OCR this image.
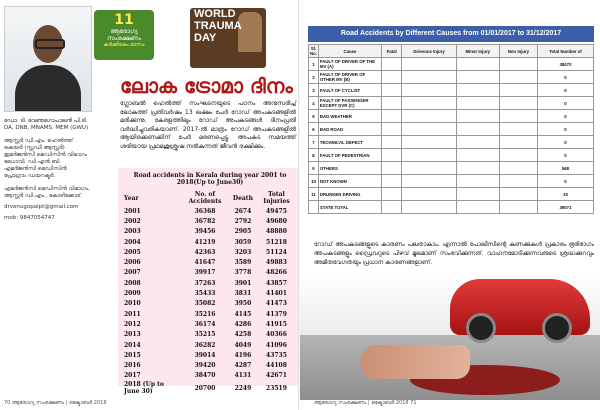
11
ആരോഗ്യ സംരക്ഷണം
കർക്കിടകം മാസം
WORLD
TRAUMA
DAY
ലോക ട്രോമാ ദിനം
ഡോ. ടി. വേണുഗോപാലൻ പി.ടി.
DA, DNB, MNAMS, MEM (GWU)
ആസ്റ്റർ ഡി.എം. ഹെൽത്ത് കെയർ (സ്റ്റഡി ആസ്റ്റർ) ഇമർജൻസി മെഡിസിൻ വിഭാഗം മേധാവി. ഡി.എൻ.ബി. എമർജൻസി മെഡിസിൻ പ്രോഗ്രാം ഡയറക്ടർ.
എമർജൻസി മെഡിസിൻ വിഭാഗം, ആസ്റ്റർ ഡി.എം., കോഴിക്കോട്
drvenugopalpt@gmail.com
mob: 9847054747
ഗ്ലോബൽ ഹെൽത്ത് സംഘടനയുടെ പഠനം അനുസരിച്ച് ലോകത്ത് പ്രതിവർഷം 13 ലക്ഷം പേർ റോഡ് അപകടങ്ങളിൽ മരിക്കുന്നു. കേരളത്തിലും റോഡ് അപകടങ്ങൾ ദിനംപ്രതി വർദ്ധിച്ചുവരികയാണ്. 2017-ൽ മാത്രം റോഡ് അപകടങ്ങളിൽ ആയിരക്കണക്കിന് പേർ മരണപ്പെട്ടു. അപകട സമയത്ത് ശരിയായ പ്രഥമശുശ്രൂഷ നൽകുന്നത് ജീവൻ രക്ഷിക്കും.
Road accidents in Kerala during year 2001 to 2018(Up to June30)
Year	No. of Accidents	Death	Total Injuries
2001	36368	2674	49475
2002	36782	2792	49680
2003	39456	2905	48880
2004	41219	3059	51218
2005	42363	3203	51124
2006	41647	3589	49883
2007	39917	3778	48266
2008	37263	3901	43857
2009	35433	3831	41401
2010	35082	3950	41473
2011	35216	4145	41379
2012	36174	4286	41915
2013	35215	4258	40366
2014	36282	4049	41096
2015	39014	4196	43735
2016	39420	4287	44108
2017	38470	4131	42671
2018 (Up to June 30)	20700	2249	23519
70 ആരോഗ്യ സംരക്ഷണം | ഒക്ടോബർ 2018
Road Accidents by Different Causes from 01/01/2017 to 31/12/2017
Sl. No.	Cause	Fatal	Grievous Injury	Minor Injury	Non Injury	Total Number of
1	FAULT OF DRIVER OF THE MV (A)					38470
2	FAULT OF DRIVER OF OTHER MV (B)					0
3	FAULT OF CYCLIST					0
4	FAULT OF PASSENGER EXCEPT DVR (C)					0
5	BAD WEATHER					0
6	BAD ROAD					0
7	TECHNICAL DEFECT					0
8	FAULT OF PEDESTRIAN					0
9	OTHERS					568
10	NOT KNOWN					0
11	DRUNKEN DRIVING					33
	STATE TOTAL					39071
റോഡ് അപകടങ്ങളുടെ കാരണം പലതാകാം. എന്നാൽ പോലീസിന്റെ കണക്കുകൾ പ്രകാരം ഭൂരിഭാഗം അപകടങ്ങളും ഡ്രൈവറുടെ പിഴവ് മൂലമാണ് സംഭവിക്കുന്നത്. വാഹനമോടിക്കുന്നവരുടെ ശ്രദ്ധക്കുറവും അമിതവേഗതയും പ്രധാന കാരണങ്ങളാണ്.
ആരോഗ്യ സംരക്ഷണം | ഒക്ടോബർ 2018 71
